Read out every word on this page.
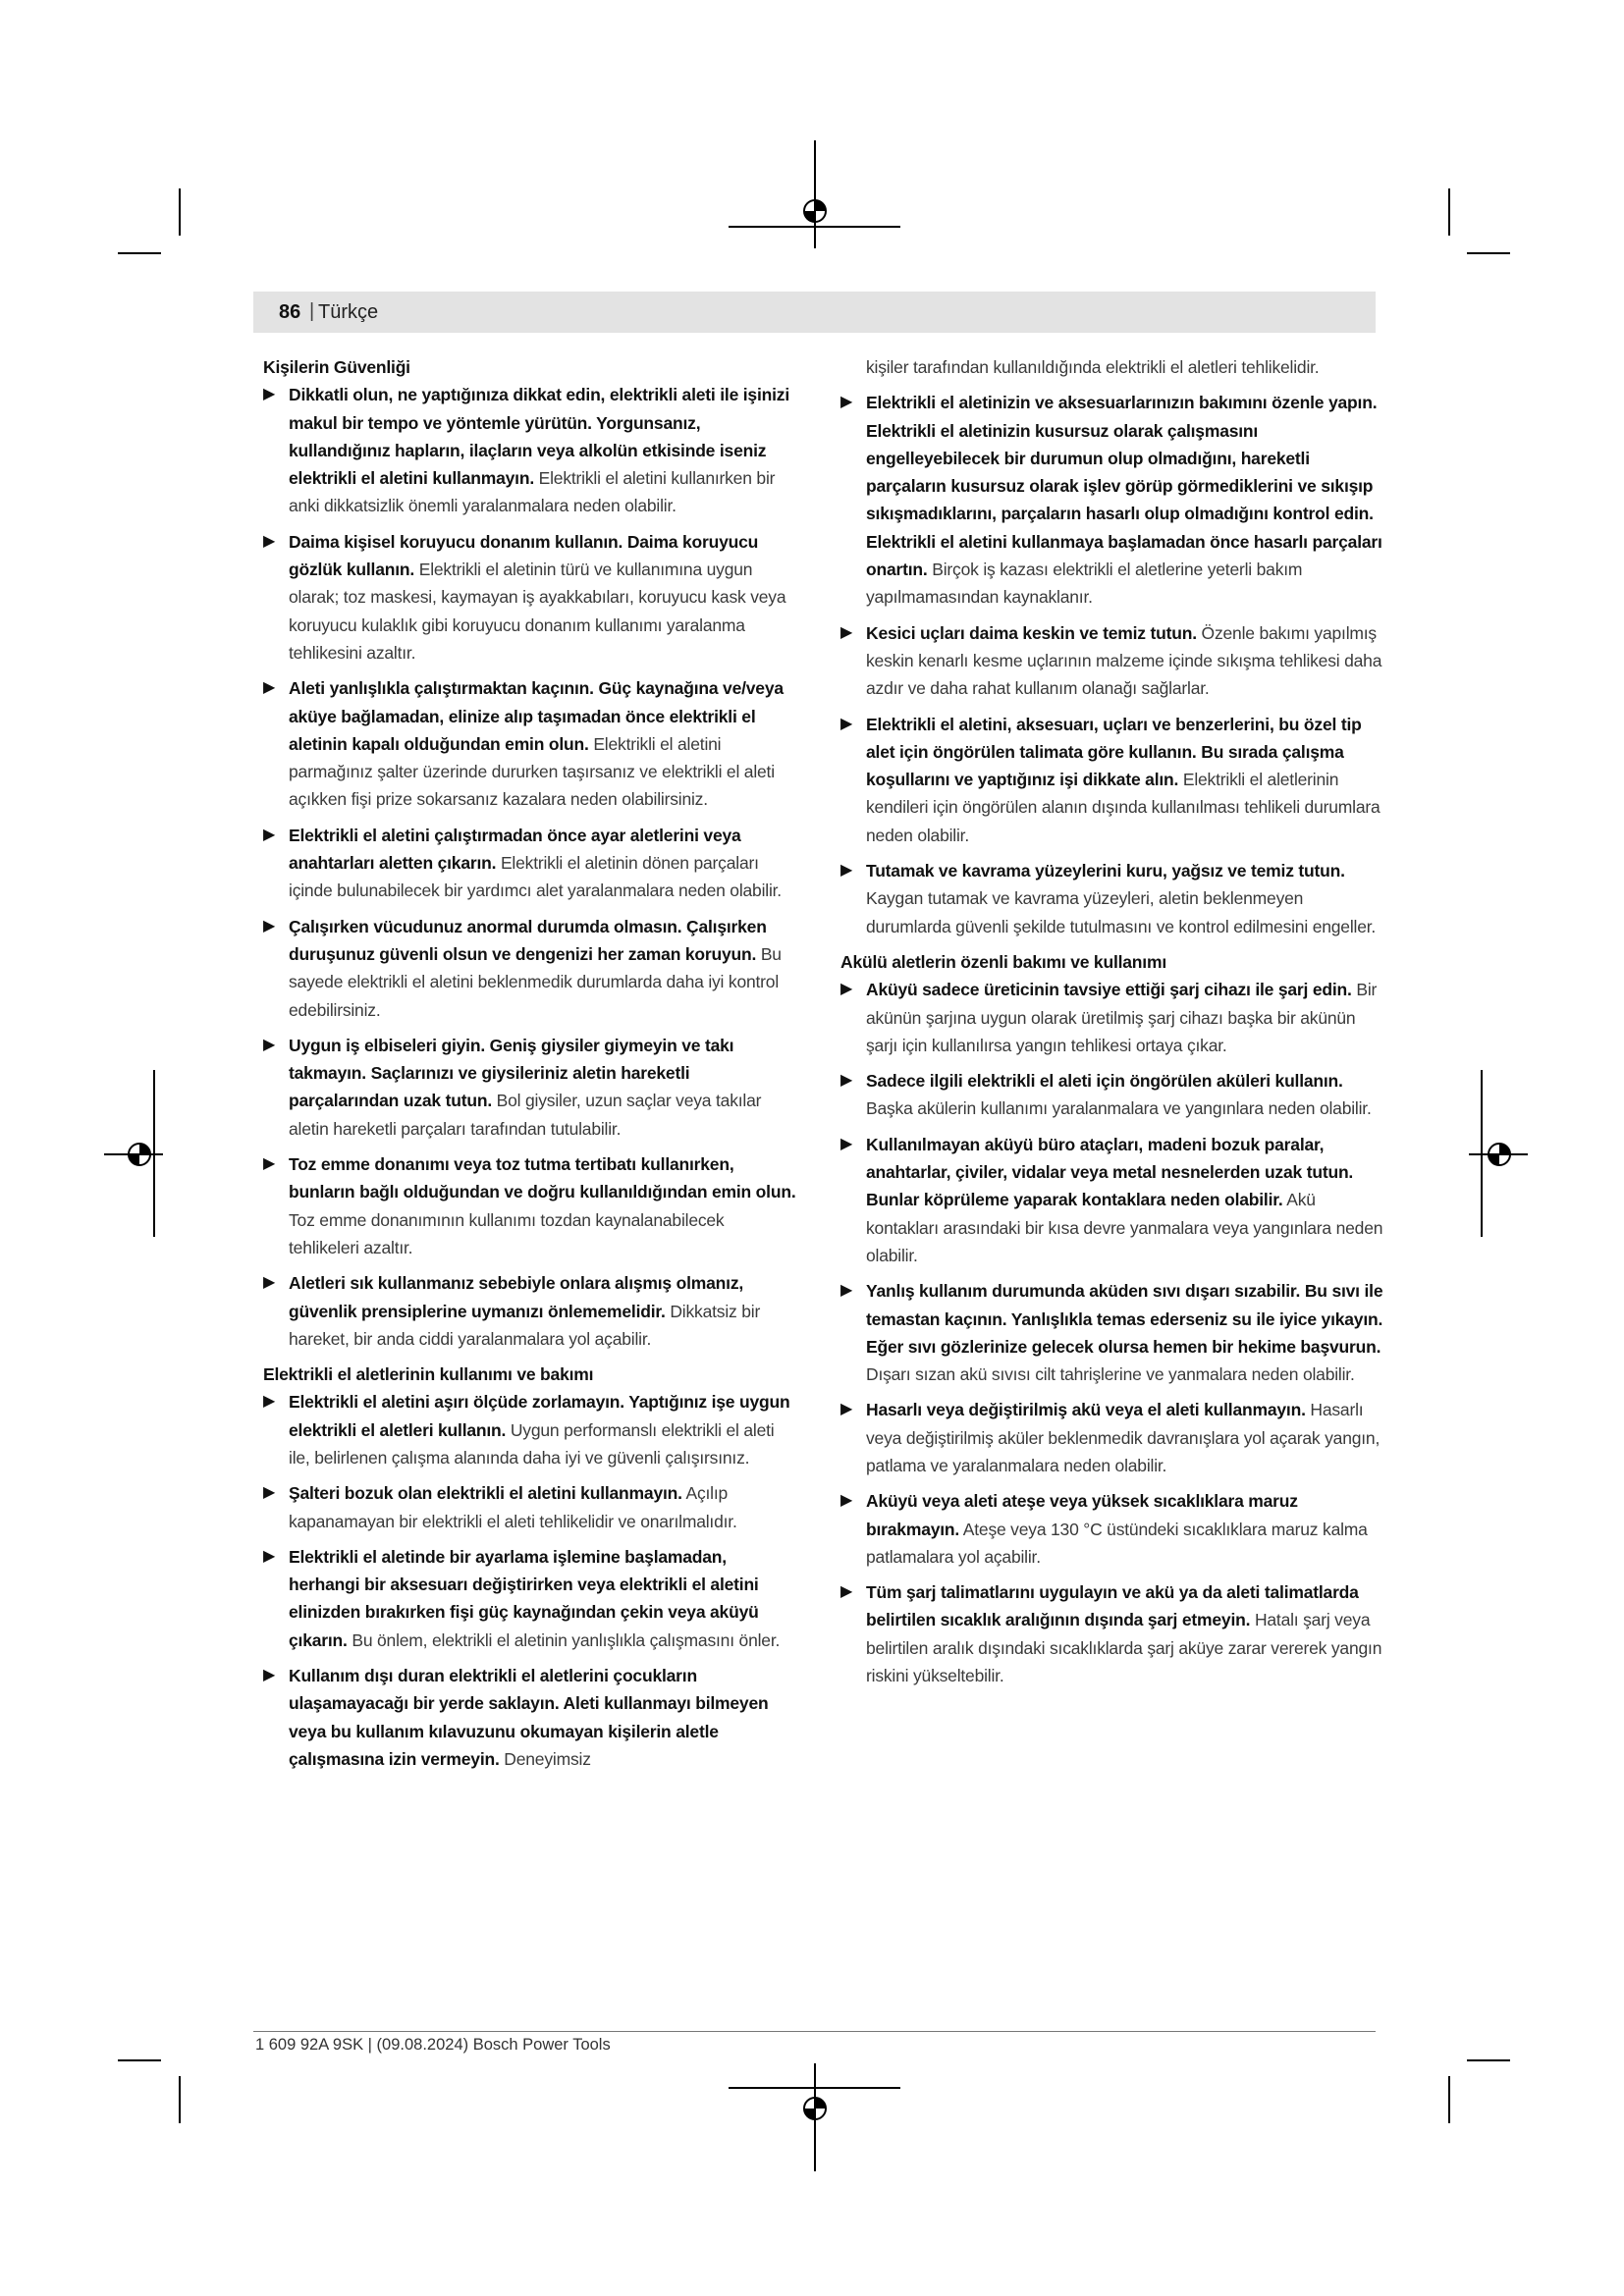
86 | Türkçe

Kişilerin Güvenliği

▶ Dikkatli olun, ne yaptığınıza dikkat edin, elektrikli aleti ile işinizi makul bir tempo ve yöntemle yürütün. Yorgunsanız, kullandığınız hapların, ilaçların veya alkolün etkisinde iseniz elektrikli el aletini kullanmayın. Elektrikli el aletini kullanırken bir anki dikkatsizlik önemli yaralanmalara neden olabilir.

▶ Daima kişisel koruyucu donanım kullanın. Daima koruyucu gözlük kullanın. Elektrikli el aletinin türü ve kullanımına uygun olarak; toz maskesi, kaymayan iş ayakkabıları, koruyucu kask veya koruyucu kulaklık gibi koruyucu donanım kullanımı yaralanma tehlikesini azaltır.

▶ Aleti yanlışlıkla çalıştırmaktan kaçının. Güç kaynağına ve/veya aküye bağlamadan, elinize alıp taşımadan önce elektrikli el aletinin kapalı olduğundan emin olun. Elektrikli el aletini parmağınız şalter üzerinde dururken taşırsanız ve elektrikli el aleti açıkken fişi prize sokarsanız kazalara neden olabilirsiniz.

▶ Elektrikli el aletini çalıştırmadan önce ayar aletlerini veya anahtarları aletten çıkarın. Elektrikli el aletinin dönen parçaları içinde bulunabilecek bir yardımcı alet yaralanmalara neden olabilir.

▶ Çalışırken vücudunuz anormal durumda olmasın. Çalışırken duruşunuz güvenli olsun ve dengenizi her zaman koruyun. Bu sayede elektrikli el aletini beklenmedik durumlarda daha iyi kontrol edebilirsiniz.

▶ Uygun iş elbiseleri giyin. Geniş giysiler giymeyin ve takı takmayın. Saçlarınızı ve giysileriniz aletin hareketli parçalarından uzak tutun. Bol giysiler, uzun saçlar veya takılar aletin hareketli parçaları tarafından tutulabilir.

▶ Toz emme donanımı veya toz tutma tertibatı kullanırken, bunların bağlı olduğundan ve doğru kullanıldığından emin olun. Toz emme donanımının kullanımı tozdan kaynalanabilecek tehlikeleri azaltır.

▶ Aletleri sık kullanmanız sebebiyle onlara alışmış olmanız, güvenlik prensiplerine uymanızı önlememelidir. Dikkatsiz bir hareket, bir anda ciddi yaralanmalara yol açabilir.

Elektrikli el aletlerinin kullanımı ve bakımı

▶ Elektrikli el aletini aşırı ölçüde zorlamayın. Yaptığınız işe uygun elektrikli el aletleri kullanın. Uygun performanslı elektrikli el aleti ile, belirlenen çalışma alanında daha iyi ve güvenli çalışırsınız.

▶ Şalteri bozuk olan elektrikli el aletini kullanmayın. Açılıp kapanamayan bir elektrikli el aleti tehlikelidir ve onarılmalıdır.

▶ Elektrikli el aletinde bir ayarlama işlemine başlamadan, herhangi bir aksesuarı değiştirirken veya elektrikli el aletini elinizden bırakırken fişi güç kaynağından çekin veya aküyü çıkarın. Bu önlem, elektrikli el aletinin yanlışlıkla çalışmasını önler.

▶ Kullanım dışı duran elektrikli el aletlerini çocukların ulaşamayacağı bir yerde saklayın. Aleti kullanmayı bilmeyen veya bu kullanım kılavuzunu okumayan kişilerin aletle çalışmasına izin vermeyin. Deneyimsiz

kişiler tarafından kullanıldığında elektrikli el aletleri tehlikelidir.

▶ Elektrikli el aletinizin ve aksesuarlarınızın bakımını özenle yapın. Elektrikli el aletinizin kusursuz olarak çalışmasını engelleyebilecek bir durumun olup olmadığını, hareketli parçaların kusursuz olarak işlev görüp görmediklerini ve sıkışıp sıkışmadıklarını, parçaların hasarlı olup olmadığını kontrol edin. Elektrikli el aletini kullanmaya başlamadan önce hasarlı parçaları onartın. Birçok iş kazası elektrikli el aletlerine yeterli bakım yapılmamasından kaynaklanır.

▶ Kesici uçları daima keskin ve temiz tutun. Özenle bakımı yapılmış keskin kenarlı kesme uçlarının malzeme içinde sıkışma tehlikesi daha azdır ve daha rahat kullanım olanağı sağlarlar.

▶ Elektrikli el aletini, aksesuarı, uçları ve benzerlerini, bu özel tip alet için öngörülen talimata göre kullanın. Bu sırada çalışma koşullarını ve yaptığınız işi dikkate alın. Elektrikli el aletlerinin kendileri için öngörülen alanın dışında kullanılması tehlikeli durumlara neden olabilir.

▶ Tutamak ve kavrama yüzeylerini kuru, yağsız ve temiz tutun. Kaygan tutamak ve kavrama yüzeyleri, aletin beklenmeyen durumlarda güvenli şekilde tutulmasını ve kontrol edilmesini engeller.

Akülü aletlerin özenli bakımı ve kullanımı

▶ Aküyü sadece üreticinin tavsiye ettiği şarj cihazı ile şarj edin. Bir akünün şarjına uygun olarak üretilmiş şarj cihazı başka bir akünün şarjı için kullanılırsa yangın tehlikesi ortaya çıkar.

▶ Sadece ilgili elektrikli el aleti için öngörülen aküleri kullanın. Başka akülerin kullanımı yaralanmalara ve yangınlara neden olabilir.

▶ Kullanılmayan aküyü büro ataçları, madeni bozuk paralar, anahtarlar, çiviler, vidalar veya metal nesnelerden uzak tutun. Bunlar köprüleme yaparak kontaklara neden olabilir. Akü kontakları arasındaki bir kısa devre yanmalara veya yangınlara neden olabilir.

▶ Yanlış kullanım durumunda aküden sıvı dışarı sızabilir. Bu sıvı ile temastan kaçının. Yanlışlıkla temas ederseniz su ile iyice yıkayın. Eğer sıvı gözlerinize gelecek olursa hemen bir hekime başvurun. Dışarı sızan akü sıvısı cilt tahrişlerine ve yanmalara neden olabilir.

▶ Hasarlı veya değiştirilmiş akü veya el aleti kullanmayın. Hasarlı veya değiştirilmiş aküler beklenmedik davranışlara yol açarak yangın, patlama ve yaralanmalara neden olabilir.

▶ Aküyü veya aleti ateşe veya yüksek sıcaklıklara maruz bırakmayın. Ateşe veya 130 °C üstündeki sıcaklıklara maruz kalma patlamalara yol açabilir.

▶ Tüm şarj talimatlarını uygulayın ve akü ya da aleti talimatlarda belirtilen sıcaklık aralığının dışında şarj etmeyin. Hatalı şarj veya belirtilen aralık dışındaki sıcaklıklarda şarj aküye zarar vererek yangın riskini yükseltebilir.

1 609 92A 9SK | (09.08.2024) Bosch Power Tools
